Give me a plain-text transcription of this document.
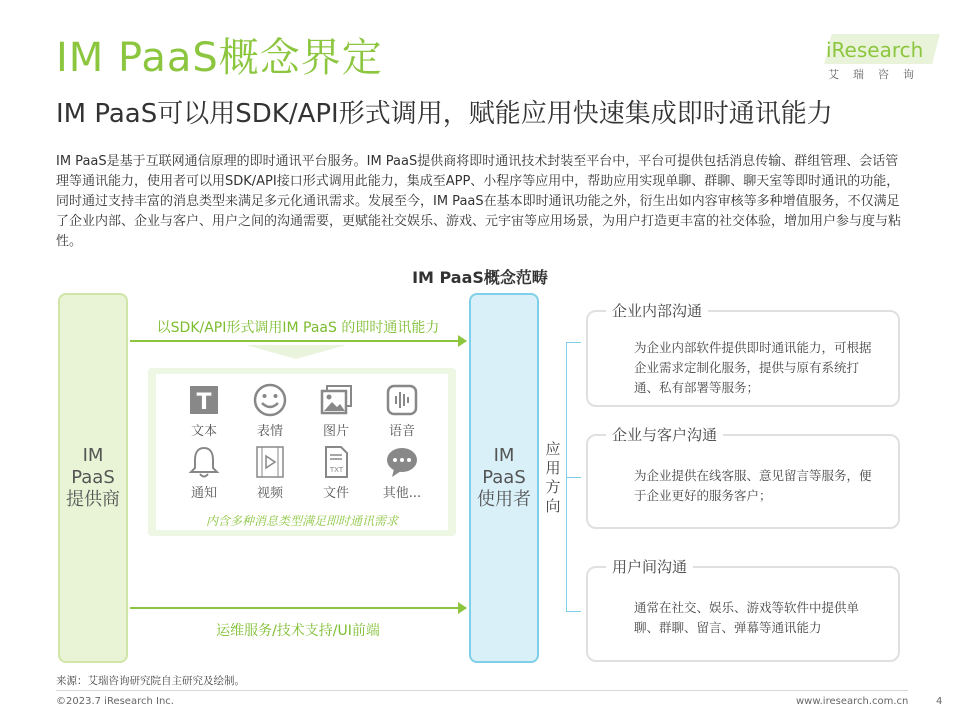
IM PaaS概念界定
IM PaaS可以用SDK/API形式调用，赋能应用快速集成即时通讯能力
iResearch
艾瑞咨询
IM PaaS是基于互联网通信原理的即时通讯平台服务。IM PaaS提供商将即时通讯技术封装至平台中，平台可提供包括消息传输、群组管理、会话管理等通讯能力，使用者可以用SDK/API接口形式调用此能力，集成至APP、小程序等应用中，帮助应用实现单聊、群聊、聊天室等即时通讯的功能，同时通过支持丰富的消息类型来满足多元化通讯需求。发展至今，IM PaaS在基本即时通讯功能之外，衍生出如内容审核等多种增值服务，不仅满足了企业内部、企业与客户、用户之间的沟通需要，更赋能社交娱乐、游戏、元宇宙等应用场景，为用户打造更丰富的社交体验，增加用户参与度与粘性。
IM PaaS概念范畴
IM
PaaS
提供商
IM
PaaS
使用者
以SDK/API形式调用IM PaaS 的即时通讯能力
运维服务/技术支持/UI前端
T
文本	表情	图片	语音
通知	视频
TXT
文件	其他...
内含多种消息类型满足即时通讯需求
应
用
方
向
企业内部沟通
为企业内部软件提供即时通讯能力，可根据企业需求定制化服务，提供与原有系统打通、私有部署等服务；
企业与客户沟通
为企业提供在线客服、意见留言等服务，便于企业更好的服务客户；
用户间沟通
通常在社交、娱乐、游戏等软件中提供单聊、群聊、留言、弹幕等通讯能力
来源：艾瑞咨询研究院自主研究及绘制。
©2023.7 iResearch Inc.	www.iresearch.com.cn	4
